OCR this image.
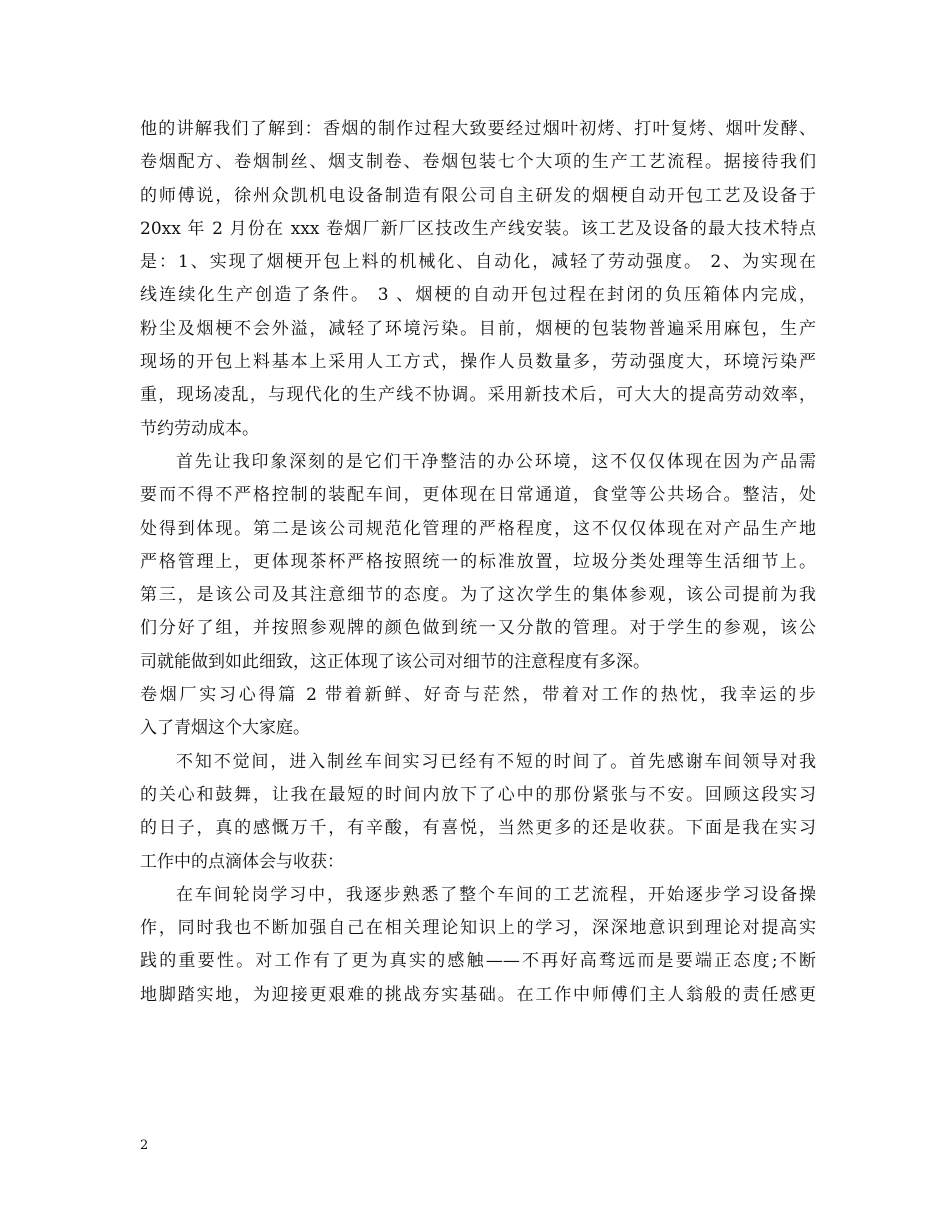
他的讲解我们了解到：香烟的制作过程大致要经过烟叶初烤、打叶复烤、烟叶发酵、
卷烟配方、卷烟制丝、烟支制卷、卷烟包装七个大项的生产工艺流程。据接待我们
的师傅说，徐州众凯机电设备制造有限公司自主研发的烟梗自动开包工艺及设备于
20xx 年 2 月份在 xxx 卷烟厂新厂区技改生产线安装。该工艺及设备的最大技术特点
是：1、实现了烟梗开包上料的机械化、自动化，减轻了劳动强度。 2、为实现在
线连续化生产创造了条件。 3 、烟梗的自动开包过程在封闭的负压箱体内完成，
粉尘及烟梗不会外溢，减轻了环境污染。目前，烟梗的包装物普遍采用麻包，生产
现场的开包上料基本上采用人工方式，操作人员数量多，劳动强度大，环境污染严
重，现场凌乱，与现代化的生产线不协调。采用新技术后，可大大的提高劳动效率，
节约劳动成本。
首先让我印象深刻的是它们干净整洁的办公环境，这不仅仅体现在因为产品需
要而不得不严格控制的装配车间，更体现在日常通道，食堂等公共场合。整洁，处
处得到体现。第二是该公司规范化管理的严格程度，这不仅仅体现在对产品生产地
严格管理上，更体现茶杯严格按照统一的标准放置，垃圾分类处理等生活细节上。
第三，是该公司及其注意细节的态度。为了这次学生的集体参观，该公司提前为我
们分好了组，并按照参观牌的颜色做到统一又分散的管理。对于学生的参观，该公
司就能做到如此细致，这正体现了该公司对细节的注意程度有多深。
卷烟厂实习心得篇 2 带着新鲜、好奇与茫然，带着对工作的热忱，我幸运的步
入了青烟这个大家庭。
不知不觉间，进入制丝车间实习已经有不短的时间了。首先感谢车间领导对我
的关心和鼓舞，让我在最短的时间内放下了心中的那份紧张与不安。回顾这段实习
的日子，真的感慨万千，有辛酸，有喜悦，当然更多的还是收获。下面是我在实习
工作中的点滴体会与收获：
在车间轮岗学习中，我逐步熟悉了整个车间的工艺流程，开始逐步学习设备操
作，同时我也不断加强自己在相关理论知识上的学习，深深地意识到理论对提高实
践的重要性。对工作有了更为真实的感触——不再好高骛远而是要端正态度;不断
地脚踏实地，为迎接更艰难的挑战夯实基础。在工作中师傅们主人翁般的责任感更
2
